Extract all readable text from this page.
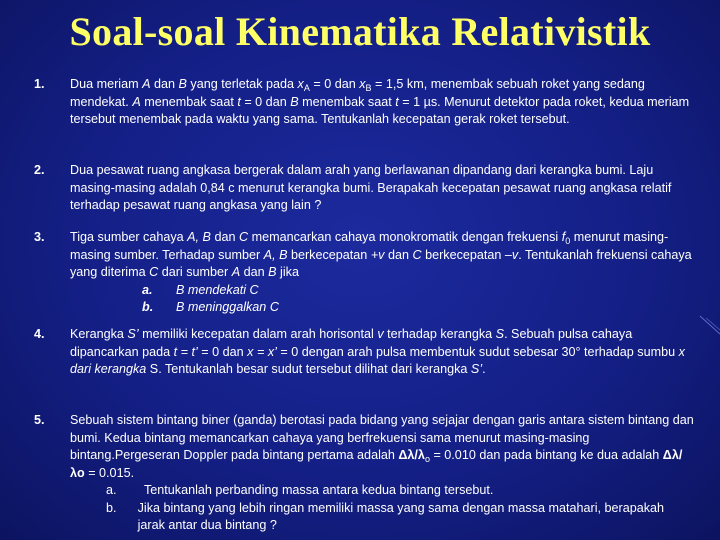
Soal-soal Kinematika Relativistik
1. Dua meriam A dan B yang terletak pada $x_A = 0$ dan $x_B = 1,5$ km, menembak sebuah roket yang sedang mendekat. A menembak saat t = 0 dan B menembak saat t = 1 µs. Menurut detektor pada roket, kedua meriam tersebut menembak pada waktu yang sama. Tentukanlah kecepatan gerak roket tersebut.
2. Dua pesawat ruang angkasa bergerak dalam arah yang berlawanan dipandang dari kerangka bumi. Laju masing-masing adalah 0,84 c menurut kerangka bumi. Berapakah kecepatan pesawat ruang angkasa relatif terhadap pesawat ruang angkasa yang lain ?
3. Tiga sumber cahaya A, B dan C memancarkan cahaya monokromatik dengan frekuensi $f_0$ menurut masing-masing sumber. Terhadap sumber A, B berkecepatan +v dan C berkecepatan –v. Tentukanlah frekuensi cahaya yang diterima C dari sumber A dan B jika
a.	B mendekati C
b.	B meninggalkan C
4. Kerangka S’ memiliki kecepatan dalam arah horisontal v terhadap kerangka S. Sebuah pulsa cahaya dipancarkan pada t = t’ = 0 dan x = x’ = 0 dengan arah pulsa membentuk sudut sebesar 30° terhadap sumbu x dari kerangka S. Tentukanlah besar sudut tersebut dilihat dari kerangka S’.
5. Sebuah sistem bintang biner (ganda) berotasi pada bidang yang sejajar dengan garis antara sistem bintang dan bumi. Kedua bintang memancarkan cahaya yang berfrekuensi sama menurut masing-masing bintang.Pergeseran Doppler pada bintang pertama adalah $\Delta\lambda/\lambda_o = 0.010$ dan pada bintang ke dua adalah Δλ/λo = 0.015.
a.	Tentukanlah perbanding massa antara kedua bintang tersebut.
b.	Jika bintang yang lebih ringan memiliki massa yang sama dengan massa matahari, berapakah jarak antar dua bintang ?
